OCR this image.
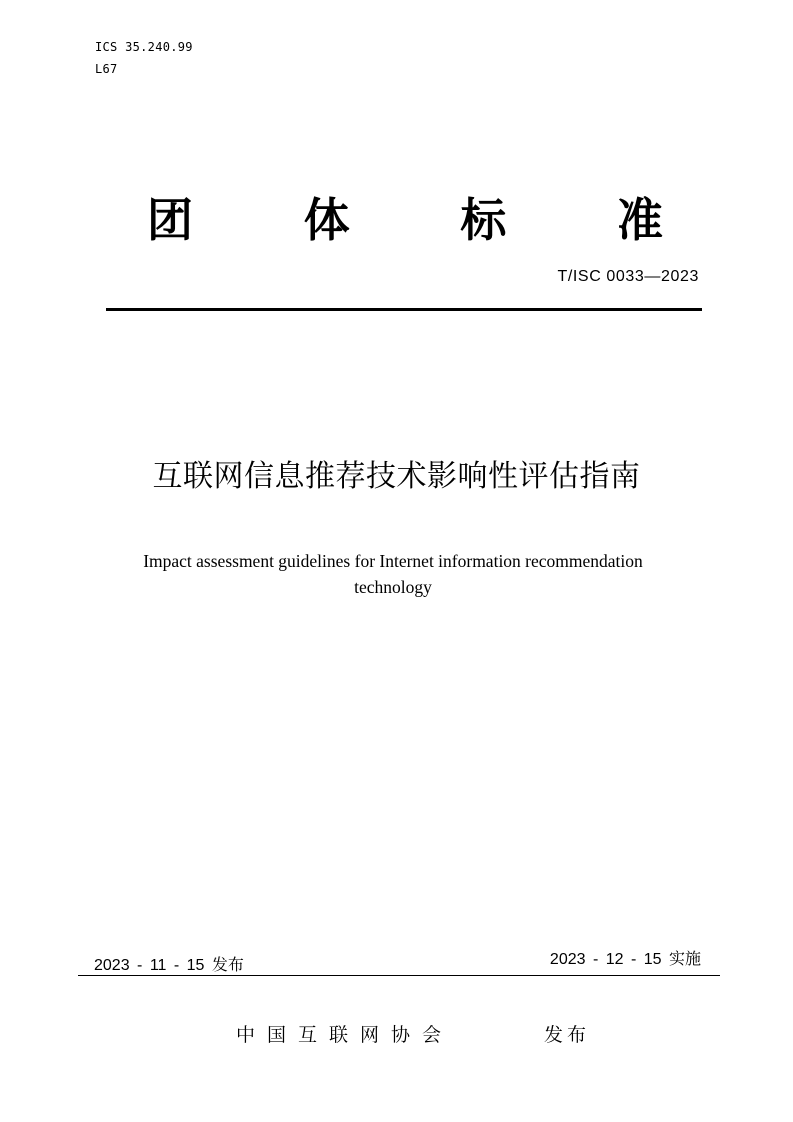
ICS 35.240.99
L67
团 体 标 准
T/ISC 0033—2023
互联网信息推荐技术影响性评估指南
Impact assessment guidelines for Internet information recommendation technology
2023 - 11 - 15 发布	2023 - 12 - 15 实施
中国互联网协会	发布
